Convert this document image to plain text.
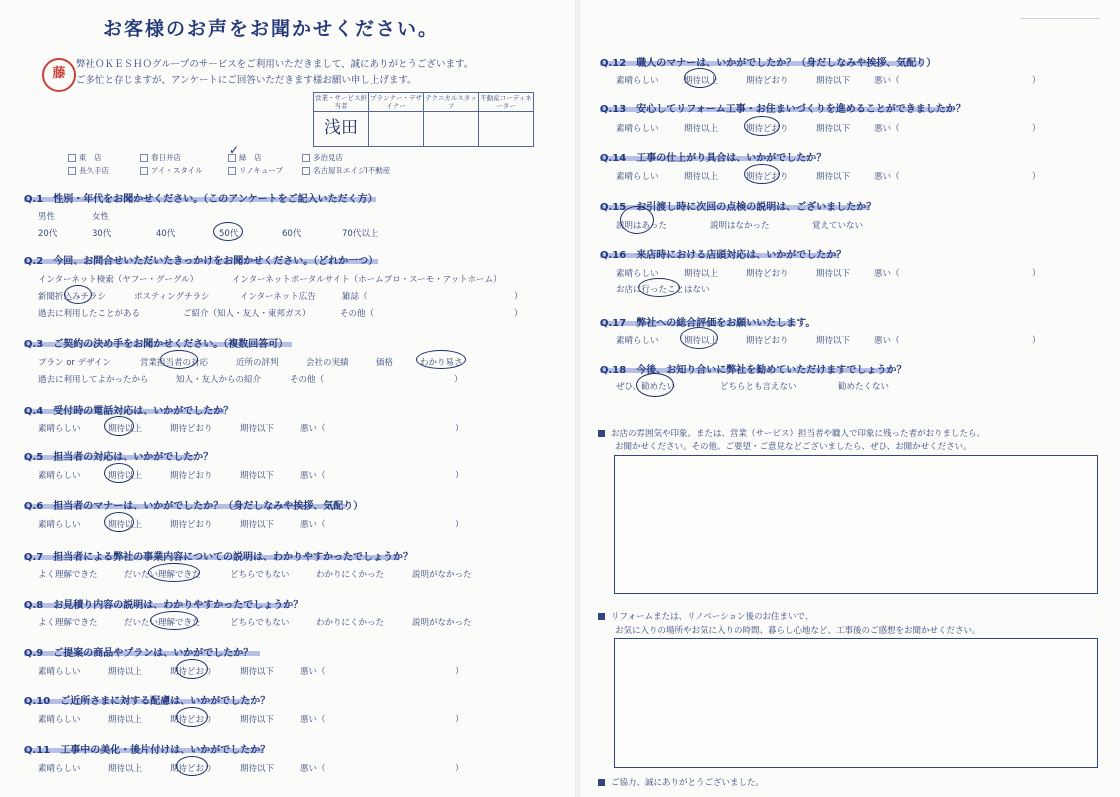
お客様のお声をお聞かせください。
藤
弊社ＯＫＥＳＨＯグループのサービスをご利用いただきまして、誠にありがとうございます。
ご多忙と存じますが、アンケートにご回答いただきます様お願い申し上げます。
営業・サービス担当者	プランナー・デザイナー	テクニカルスタッフ	不動産コーディネーター
浅田			
東　店	春日井店	緑　店	多治見店
長久手店	アイ・スタイル	リノキューブ	名古屋ＲエイジI不動産
✓
Q.1　性別・年代をお聞かせください。（このアンケートをご記入いただく方）
男性	女性
20代	30代	40代	50代	60代	70代以上
Q.2　今回、お問合せいただいたきっかけをお聞かせください。（どれか一つ）
インターネット検索（ヤフー・グーグル）	インターネットポータルサイト（ホームプロ・スーモ・アットホーム）
新聞折込みチラシ	ポスティングチラシ	インターネット広告	雑誌（	）
過去に利用したことがある	ご紹介（知人・友人・東邦ガス）	その他（	）
Q.3　ご契約の決め手をお聞かせください。（複数回答可）
プラン or デザイン	営業担当者の対応	近所の評判	会社の実績	価格	わかり易さ
過去に利用してよかったから	知人・友人からの紹介	その他（	）
Q.4　受付時の電話対応は、いかがでしたか？
素晴らしい	期待以上	期待どおり	期待以下	悪い（	）
Q.5　担当者の対応は、いかがでしたか？
素晴らしい	期待以上	期待どおり	期待以下	悪い（	）
Q.6　担当者のマナーは、いかがでしたか？（身だしなみや挨拶、気配り）
素晴らしい	期待以上	期待どおり	期待以下	悪い（	）
Q.7　担当者による弊社の事業内容についての説明は、わかりやすかったでしょうか？
よく理解できた	だいたい理解できた	どちらでもない	わかりにくかった	説明がなかった
Q.8　お見積り内容の説明は、わかりやすかったでしょうか？
よく理解できた	だいたい理解できた	どちらでもない	わかりにくかった	説明がなかった
Q.9　ご提案の商品やプランは、いかがでしたか？
素晴らしい	期待以上	期待どおり	期待以下	悪い（	）
Q.10　ご近所さまに対する配慮は、いかがでしたか？
素晴らしい	期待以上	期待どおり	期待以下	悪い（	）
Q.11　工事中の美化・後片付けは、いかがでしたか？
素晴らしい	期待以上	期待どおり	期待以下	悪い（	）
Q.12　職人のマナーは、いかがでしたか？（身だしなみや挨拶、気配り）
素晴らしい	期待以上	期待どおり	期待以下	悪い（	）
Q.13　安心してリフォーム工事・お住まいづくりを進めることができましたか？
素晴らしい	期待以上	期待どおり	期待以下	悪い（	）
Q.14　工事の仕上がり具合は、いかがでしたか？
素晴らしい	期待以上	期待どおり	期待以下	悪い（	）
Q.15　お引渡し時に次回の点検の説明は、ございましたか？
説明はあった	説明はなかった	覚えていない
Q.16　来店時における店頭対応は、いかがでしたか？
素晴らしい	期待以上	期待どおり	期待以下	悪い（	）
お店に行ったことはない
Q.17　弊社への総合評価をお願いいたします。
素晴らしい	期待以上	期待どおり	期待以下	悪い（	）
Q.18　今後、お知り合いに弊社を勧めていただけますでしょうか？
ぜひ、勧めたい	どちらとも言えない	勧めたくない
お店の雰囲気や印象。または、営業（サービス）担当者や職人で印象に残った者がおりましたら、
お聞かせください。その他、ご要望・ご意見などございましたら、ぜひ、お聞かせください。
リフォームまたは、リノベーション後のお住まいで、
お気に入りの場所やお気に入りの時間、暮らし心地など、工事後のご感想をお聞かせください。
ご協力、誠にありがとうございました。
